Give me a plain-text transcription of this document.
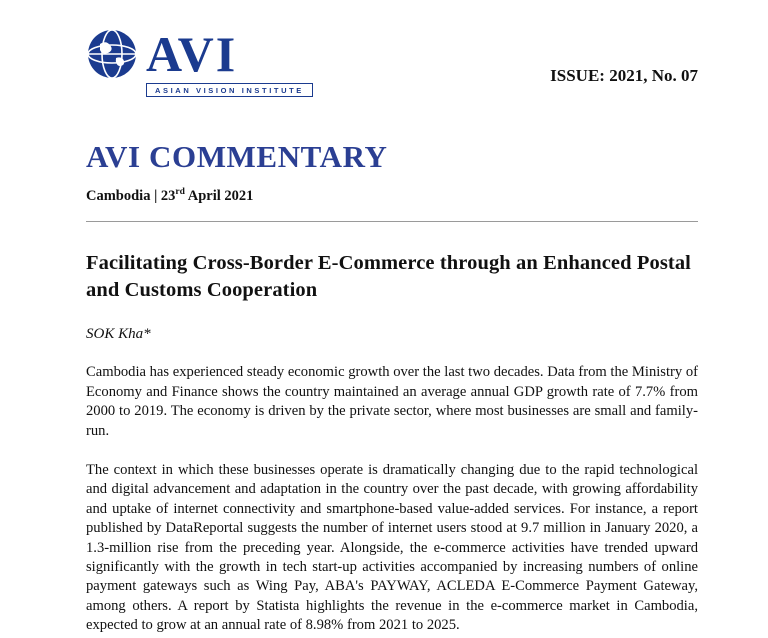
AVI
ASIAN VISION INSTITUTE
ISSUE: 2021, No. 07
AVI COMMENTARY
Cambodia | 23rd April 2021
Facilitating Cross-Border E-Commerce through an Enhanced Postal and Customs Cooperation
SOK Kha*

Cambodia has experienced steady economic growth over the last two decades. Data from the Ministry of Economy and Finance shows the country maintained an average annual GDP growth rate of 7.7% from 2000 to 2019. The economy is driven by the private sector, where most businesses are small and family-run.

The context in which these businesses operate is dramatically changing due to the rapid technological and digital advancement and adaptation in the country over the past decade, with growing affordability and uptake of internet connectivity and smartphone-based value-added services. For instance, a report published by DataReportal suggests the number of internet users stood at 9.7 million in January 2020, a 1.3-million rise from the preceding year. Alongside, the e-commerce activities have trended upward significantly with the growth in tech start-up activities accompanied by increasing numbers of online payment gateways such as Wing Pay, ABA's PAYWAY, ACLEDA E-Commerce Payment Gateway, among others. A report by Statista highlights the revenue in the e-commerce market in Cambodia, expected to grow at an annual rate of 8.98% from 2021 to 2025.
